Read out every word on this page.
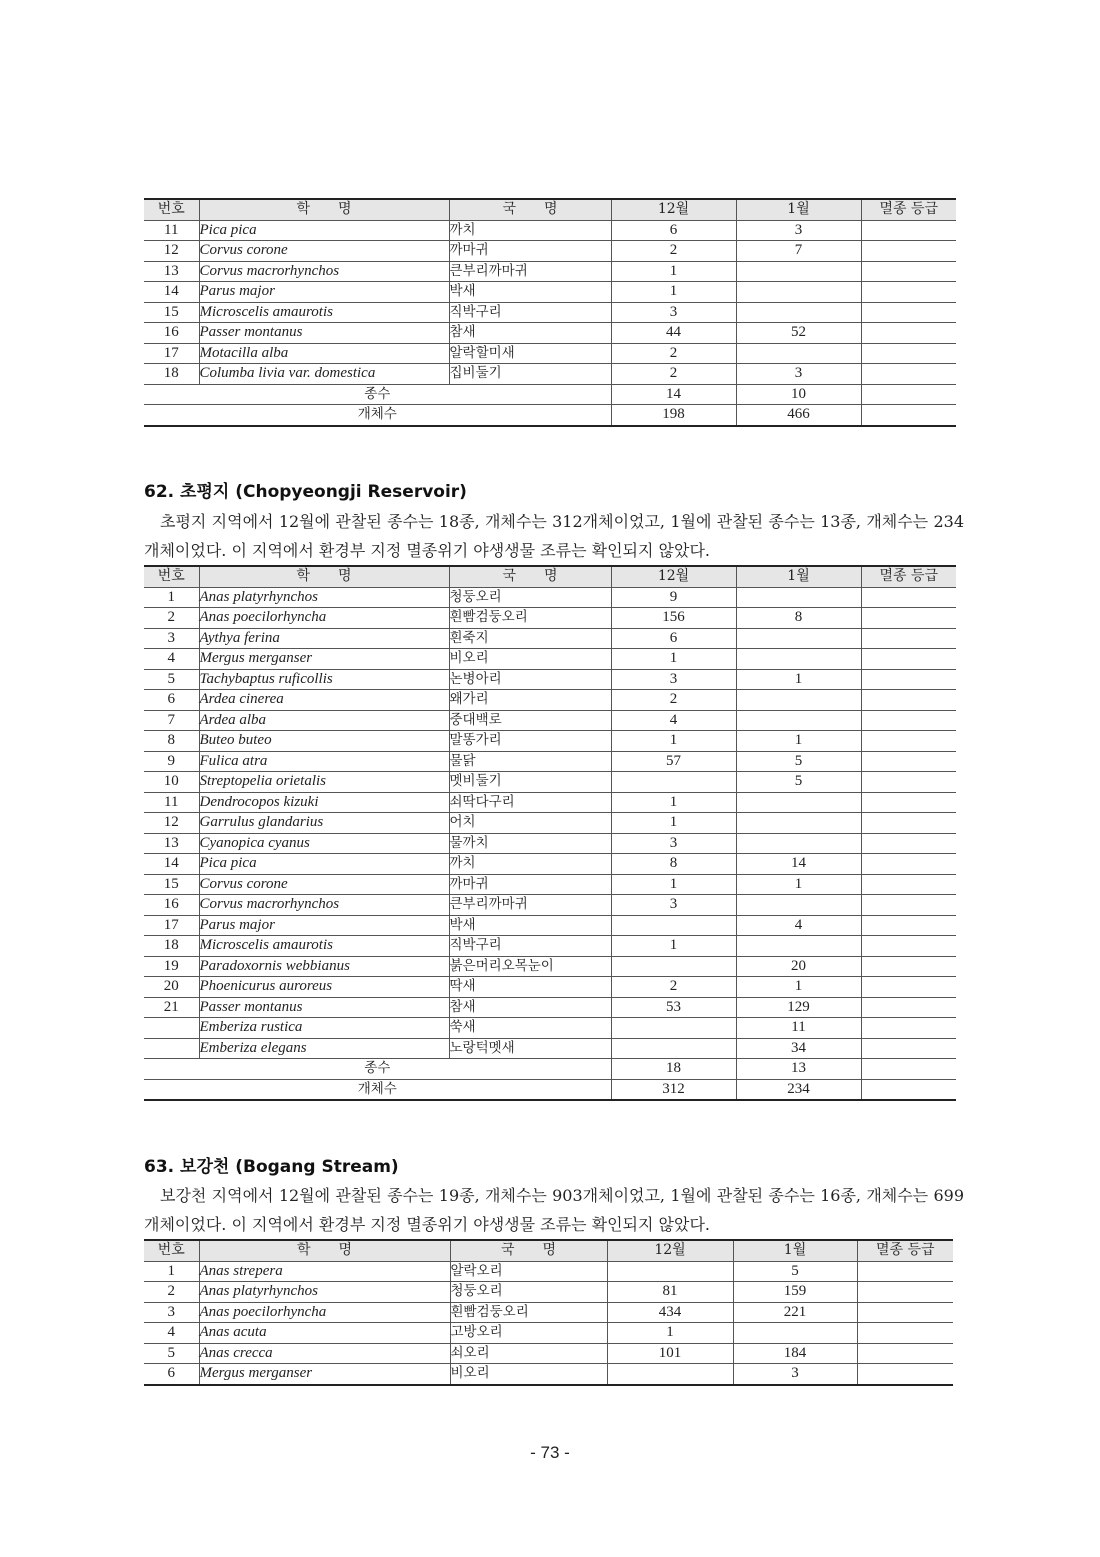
번호	학　　명	국　　명	12월	1월	멸종 등급
11	Pica pica	까치	6	3	
12	Corvus corone	까마귀	2	7	
13	Corvus macrorhynchos	큰부리까마귀	1		
14	Parus major	박새	1		
15	Microscelis amaurotis	직박구리	3		
16	Passer montanus	참새	44	52	
17	Motacilla alba	알락할미새	2		
18	Columba livia var. domestica	집비둘기	2	3	
종수			14	10	
개체수			198	466	
62. 초평지 (Chopyeongji Reservoir)
초평지 지역에서 12월에 관찰된 종수는 18종, 개체수는 312개체이었고, 1월에 관찰된 종수는 13종, 개체수는 234개체이었다. 이 지역에서 환경부 지정 멸종위기 야생생물 조류는 확인되지 않았다.
번호	학　　명	국　　명	12월	1월	멸종 등급
1	Anas platyrhynchos	청둥오리	9		
2	Anas poecilorhyncha	흰빰검둥오리	156	8	
3	Aythya ferina	흰죽지	6		
4	Mergus merganser	비오리	1		
5	Tachybaptus ruficollis	논병아리	3	1	
6	Ardea cinerea	왜가리	2		
7	Ardea alba	중대백로	4		
8	Buteo buteo	말똥가리	1	1	
9	Fulica atra	물닭	57	5	
10	Streptopelia orietalis	멧비둘기		5	
11	Dendrocopos kizuki	쇠딱다구리	1		
12	Garrulus glandarius	어치	1		
13	Cyanopica cyanus	물까치	3		
14	Pica pica	까치	8	14	
15	Corvus corone	까마귀	1	1	
16	Corvus macrorhynchos	큰부리까마귀	3		
17	Parus major	박새		4	
18	Microscelis amaurotis	직박구리	1		
19	Paradoxornis webbianus	붉은머리오목눈이		20	
20	Phoenicurus auroreus	딱새	2	1	
21	Passer montanus	참새	53	129	
	Emberiza rustica	쑥새		11	
	Emberiza elegans	노랑턱멧새		34	
종수			18	13	
개체수			312	234	
63. 보강천 (Bogang Stream)
보강천 지역에서 12월에 관찰된 종수는 19종, 개체수는 903개체이었고, 1월에 관찰된 종수는 16종, 개체수는 699개체이었다. 이 지역에서 환경부 지정 멸종위기 야생생물 조류는 확인되지 않았다.
번호	학　　명	국　　명	12월	1월	멸종 등급
1	Anas strepera	알락오리		5	
2	Anas platyrhynchos	청둥오리	81	159	
3	Anas poecilorhyncha	흰빰검둥오리	434	221	
4	Anas acuta	고방오리	1		
5	Anas crecca	쇠오리	101	184	
6	Mergus merganser	비오리		3	
- 73 -
